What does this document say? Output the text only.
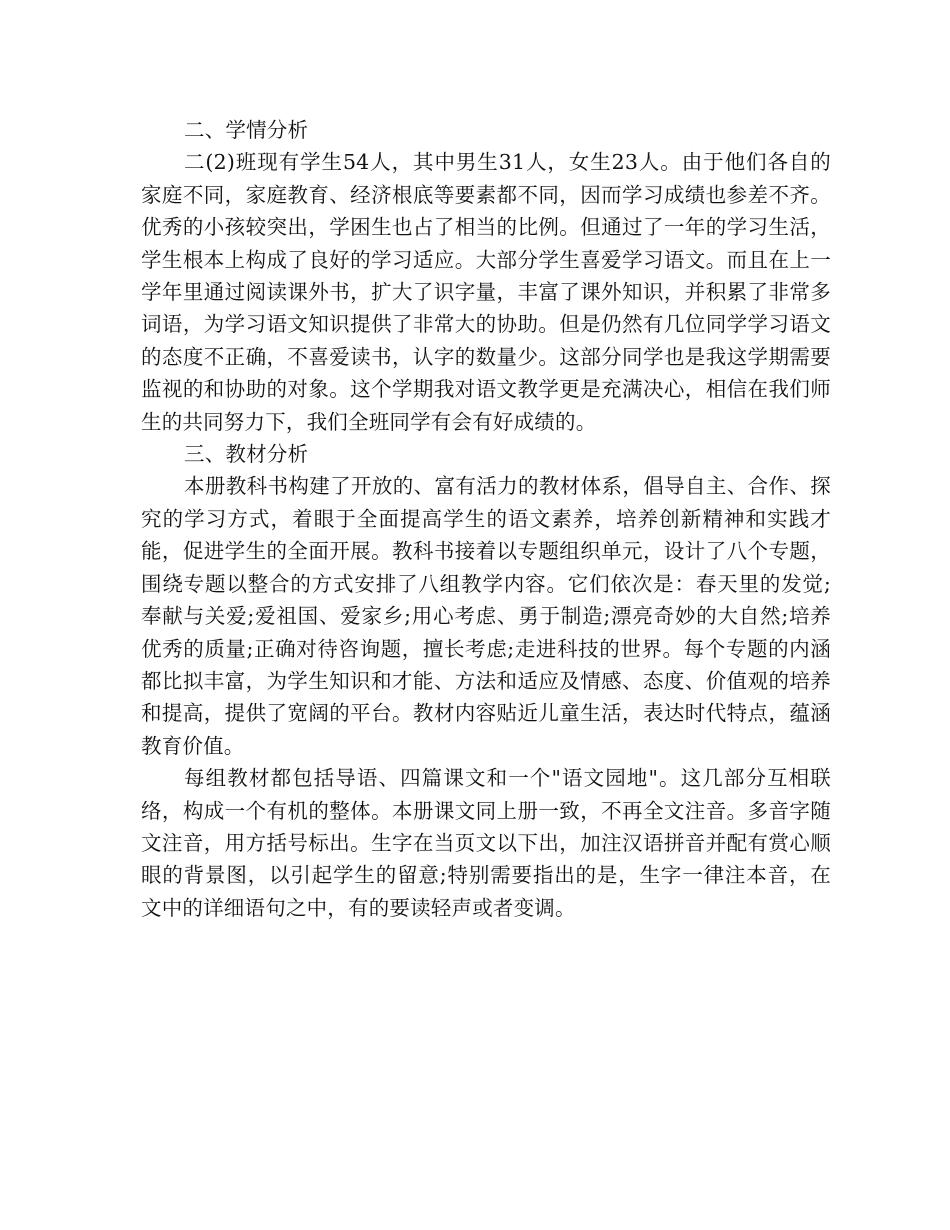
二、学情分析

二(2)班现有学生54人，其中男生31人，女生23人。由于他们各自的家庭不同，家庭教育、经济根底等要素都不同，因而学习成绩也参差不齐。优秀的小孩较突出，学困生也占了相当的比例。但通过了一年的学习生活，学生根本上构成了良好的学习适应。大部分学生喜爱学习语文。而且在上一学年里通过阅读课外书，扩大了识字量，丰富了课外知识，并积累了非常多词语，为学习语文知识提供了非常大的协助。但是仍然有几位同学学习语文的态度不正确，不喜爱读书，认字的数量少。这部分同学也是我这学期需要监视的和协助的对象。这个学期我对语文教学更是充满决心，相信在我们师生的共同努力下，我们全班同学有会有好成绩的。

三、教材分析

本册教科书构建了开放的、富有活力的教材体系，倡导自主、合作、探究的学习方式，着眼于全面提高学生的语文素养，培养创新精神和实践才能，促进学生的全面开展。教科书接着以专题组织单元，设计了八个专题，围绕专题以整合的方式安排了八组教学内容。它们依次是：春天里的发觉;奉献与关爱;爱祖国、爱家乡;用心考虑、勇于制造;漂亮奇妙的大自然;培养优秀的质量;正确对待咨询题，擅长考虑;走进科技的世界。每个专题的内涵都比拟丰富，为学生知识和才能、方法和适应及情感、态度、价值观的培养和提高，提供了宽阔的平台。教材内容贴近儿童生活，表达时代特点，蕴涵教育价值。

每组教材都包括导语、四篇课文和一个"语文园地"。这几部分互相联络，构成一个有机的整体。本册课文同上册一致，不再全文注音。多音字随文注音，用方括号标出。生字在当页文以下出，加注汉语拼音并配有赏心顺眼的背景图，以引起学生的留意;特别需要指出的是，生字一律注本音，在文中的详细语句之中，有的要读轻声或者变调。
